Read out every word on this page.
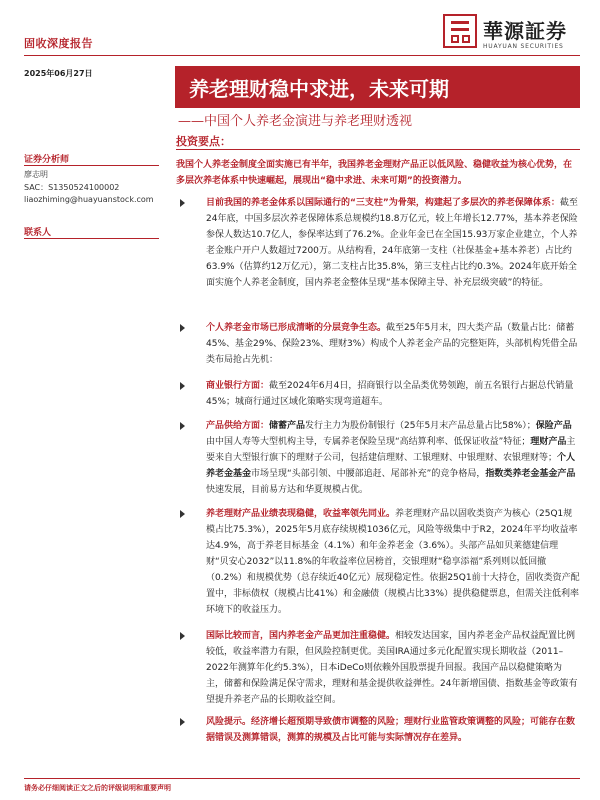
固收深度报告
華源証券
HUAYUAN SECURITIES
2025年06月27日
养老理财稳中求进，未来可期
——中国个人养老金演进与养老理财透视
投资要点：
证券分析师
廖志明
SAC：S1350524100002
liaozhiming@huayuanstock.com
联系人
我国个人养老金制度全面实施已有半年，我国养老金理财产品正以低风险、稳健收益为核心优势，在多层次养老体系中快速崛起，展现出“稳中求进、未来可期”的投资潜力。
目前我国的养老金体系以国际通行的“三支柱”为骨架，构建起了多层次的养老保障体系：截至24年底，中国多层次养老保障体系总规模约18.8万亿元，较上年增长12.77%，基本养老保险参保人数达10.7亿人，参保率达到了76.2%。企业年金已在全国15.93万家企业建立，个人养老金账户开户人数超过7200万。从结构看，24年底第一支柱（社保基金+基本养老）占比约63.9%（估算约12万亿元），第二支柱占比35.8%，第三支柱占比约0.3%。2024年底开始全面实施个人养老金制度，国内养老金整体呈现“基本保障主导、补充层级突破”的特征。
个人养老金市场已形成清晰的分层竞争生态。截至25年5月末，四大类产品（数量占比：储蓄45%、基金29%、保险23%、理财3%）构成个人养老金产品的完整矩阵，头部机构凭借全品类布局抢占先机：
商业银行方面：截至2024年6月4日，招商银行以全品类优势领跑，前五名银行占据总代销量45%；城商行通过区域化策略实现弯道超车。
产品供给方面：储蓄产品发行主力为股份制银行（25年5月末产品总量占比58%）；保险产品由中国人寿等大型机构主导，专属养老保险呈现“高结算利率、低保证收益”特征；理财产品主要来自大型银行旗下的理财子公司，包括建信理财、工银理财、中银理财、农银理财等；个人养老金基金市场呈现“头部引领、中腰部追赶、尾部补充”的竞争格局，指数类养老金基金产品快速发展，目前易方达和华夏规模占优。
养老理财产品业绩表现稳健，收益率领先同业。养老理财产品以固收类资产为核心（25Q1规模占比75.3%），2025年5月底存续规模1036亿元，风险等级集中于R2，2024年平均收益率达4.9%，高于养老目标基金（4.1%）和年金养老金（3.6%）。头部产品如贝莱德建信理财“贝安心2032”以11.8%的年收益率位居榜首，交银理财“稳享添福”系列则以低回撤（0.2%）和规模优势（总存续近40亿元）展现稳定性。依据25Q1前十大持仓，固收类资产配置中，非标债权（规模占比41%）和金融债（规模占比33%）提供稳健票息，但需关注低利率环境下的收益压力。
国际比较而言，国内养老金产品更加注重稳健。相较发达国家，国内养老金产品权益配置比例较低，收益率潜力有限，但风险控制更优。美国IRA通过多元化配置实现长期收益（2011–2022年测算年化约5.3%），日本iDeCo则依赖外国股票提升回报。我国产品以稳健策略为主，储蓄和保险满足保守需求，理财和基金提供收益弹性。24年新增国债、指数基金等政策有望提升养老产品的长期收益空间。
风险提示。经济增长超预期导致债市调整的风险；理财行业监管政策调整的风险；可能存在数据错误及测算错误，测算的规模及占比可能与实际情况存在差异。
请务必仔细阅读正文之后的评级说明和重要声明
